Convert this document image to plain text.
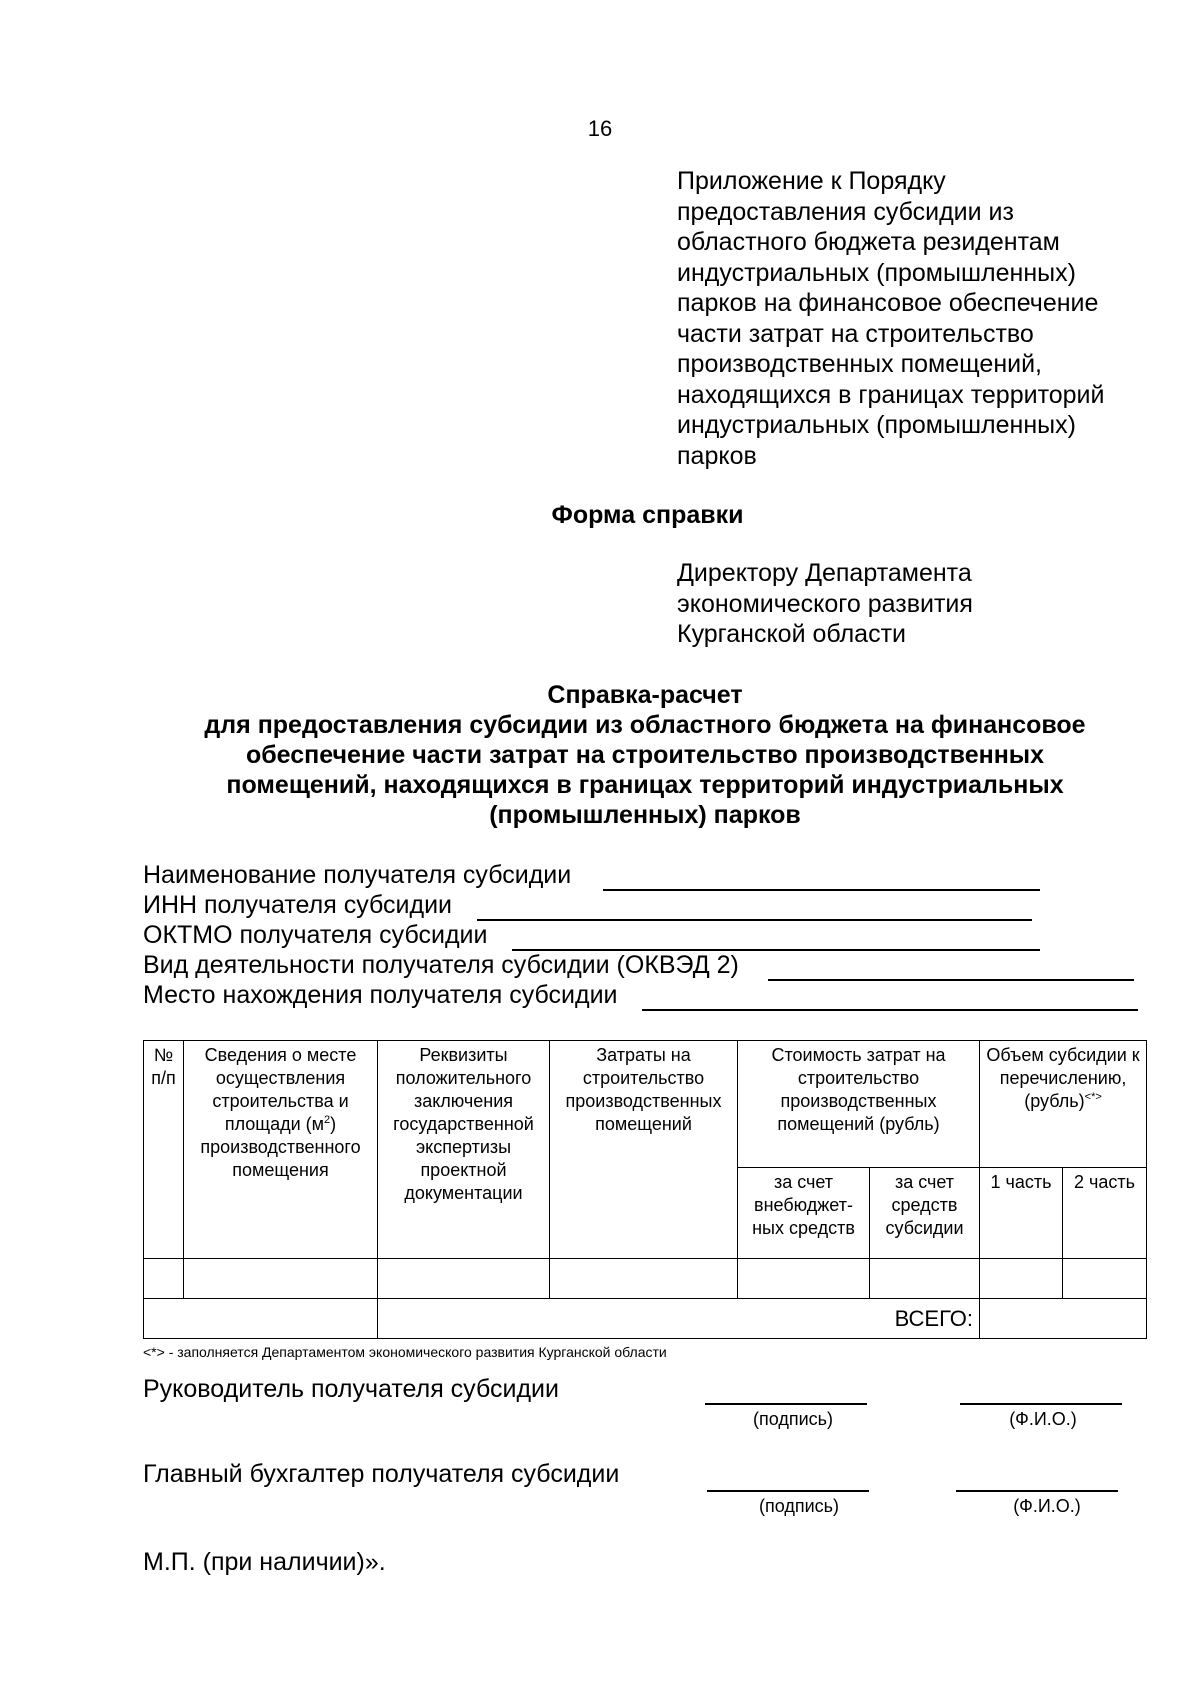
16
Приложение к Порядку
предоставления субсидии из
областного бюджета резидентам
индустриальных (промышленных)
парков на финансовое обеспечение
части затрат на строительство
производственных помещений,
находящихся в границах территорий
индустриальных (промышленных)
парков
Форма справки
Директору Департамента
экономического развития
Курганской области
Справка-расчет
для предоставления субсидии из областного бюджета на финансовое
обеспечение части затрат на строительство производственных
помещений, находящихся в границах территорий индустриальных
(промышленных) парков
Наименование получателя субсидии
ИНН получателя субсидии
ОКТМО получателя субсидии
Вид деятельности получателя субсидии (ОКВЭД 2)
Место нахождения получателя субсидии
№ п/п	Сведения о месте осуществления строительства и площади $(м^2)$ производственного помещения	Реквизиты положительного заключения государственной экспертизы проектной документации	Затраты на строительство производственных помещений	Стоимость затрат на строительство производственных помещений (рубль)		Объем субсидии к перечислению, (рубль)<*>
				за счет внебюджет-ных средств	за счет средств субсидии	1 часть	2 часть

		ВСЕГО:					
<*> - заполняется Департаментом экономического развития Курганской области
Руководитель получателя субсидии
(подпись)	(Ф.И.О.)
Главный бухгалтер получателя субсидии
(подпись)	(Ф.И.О.)
М.П. (при наличии)».
